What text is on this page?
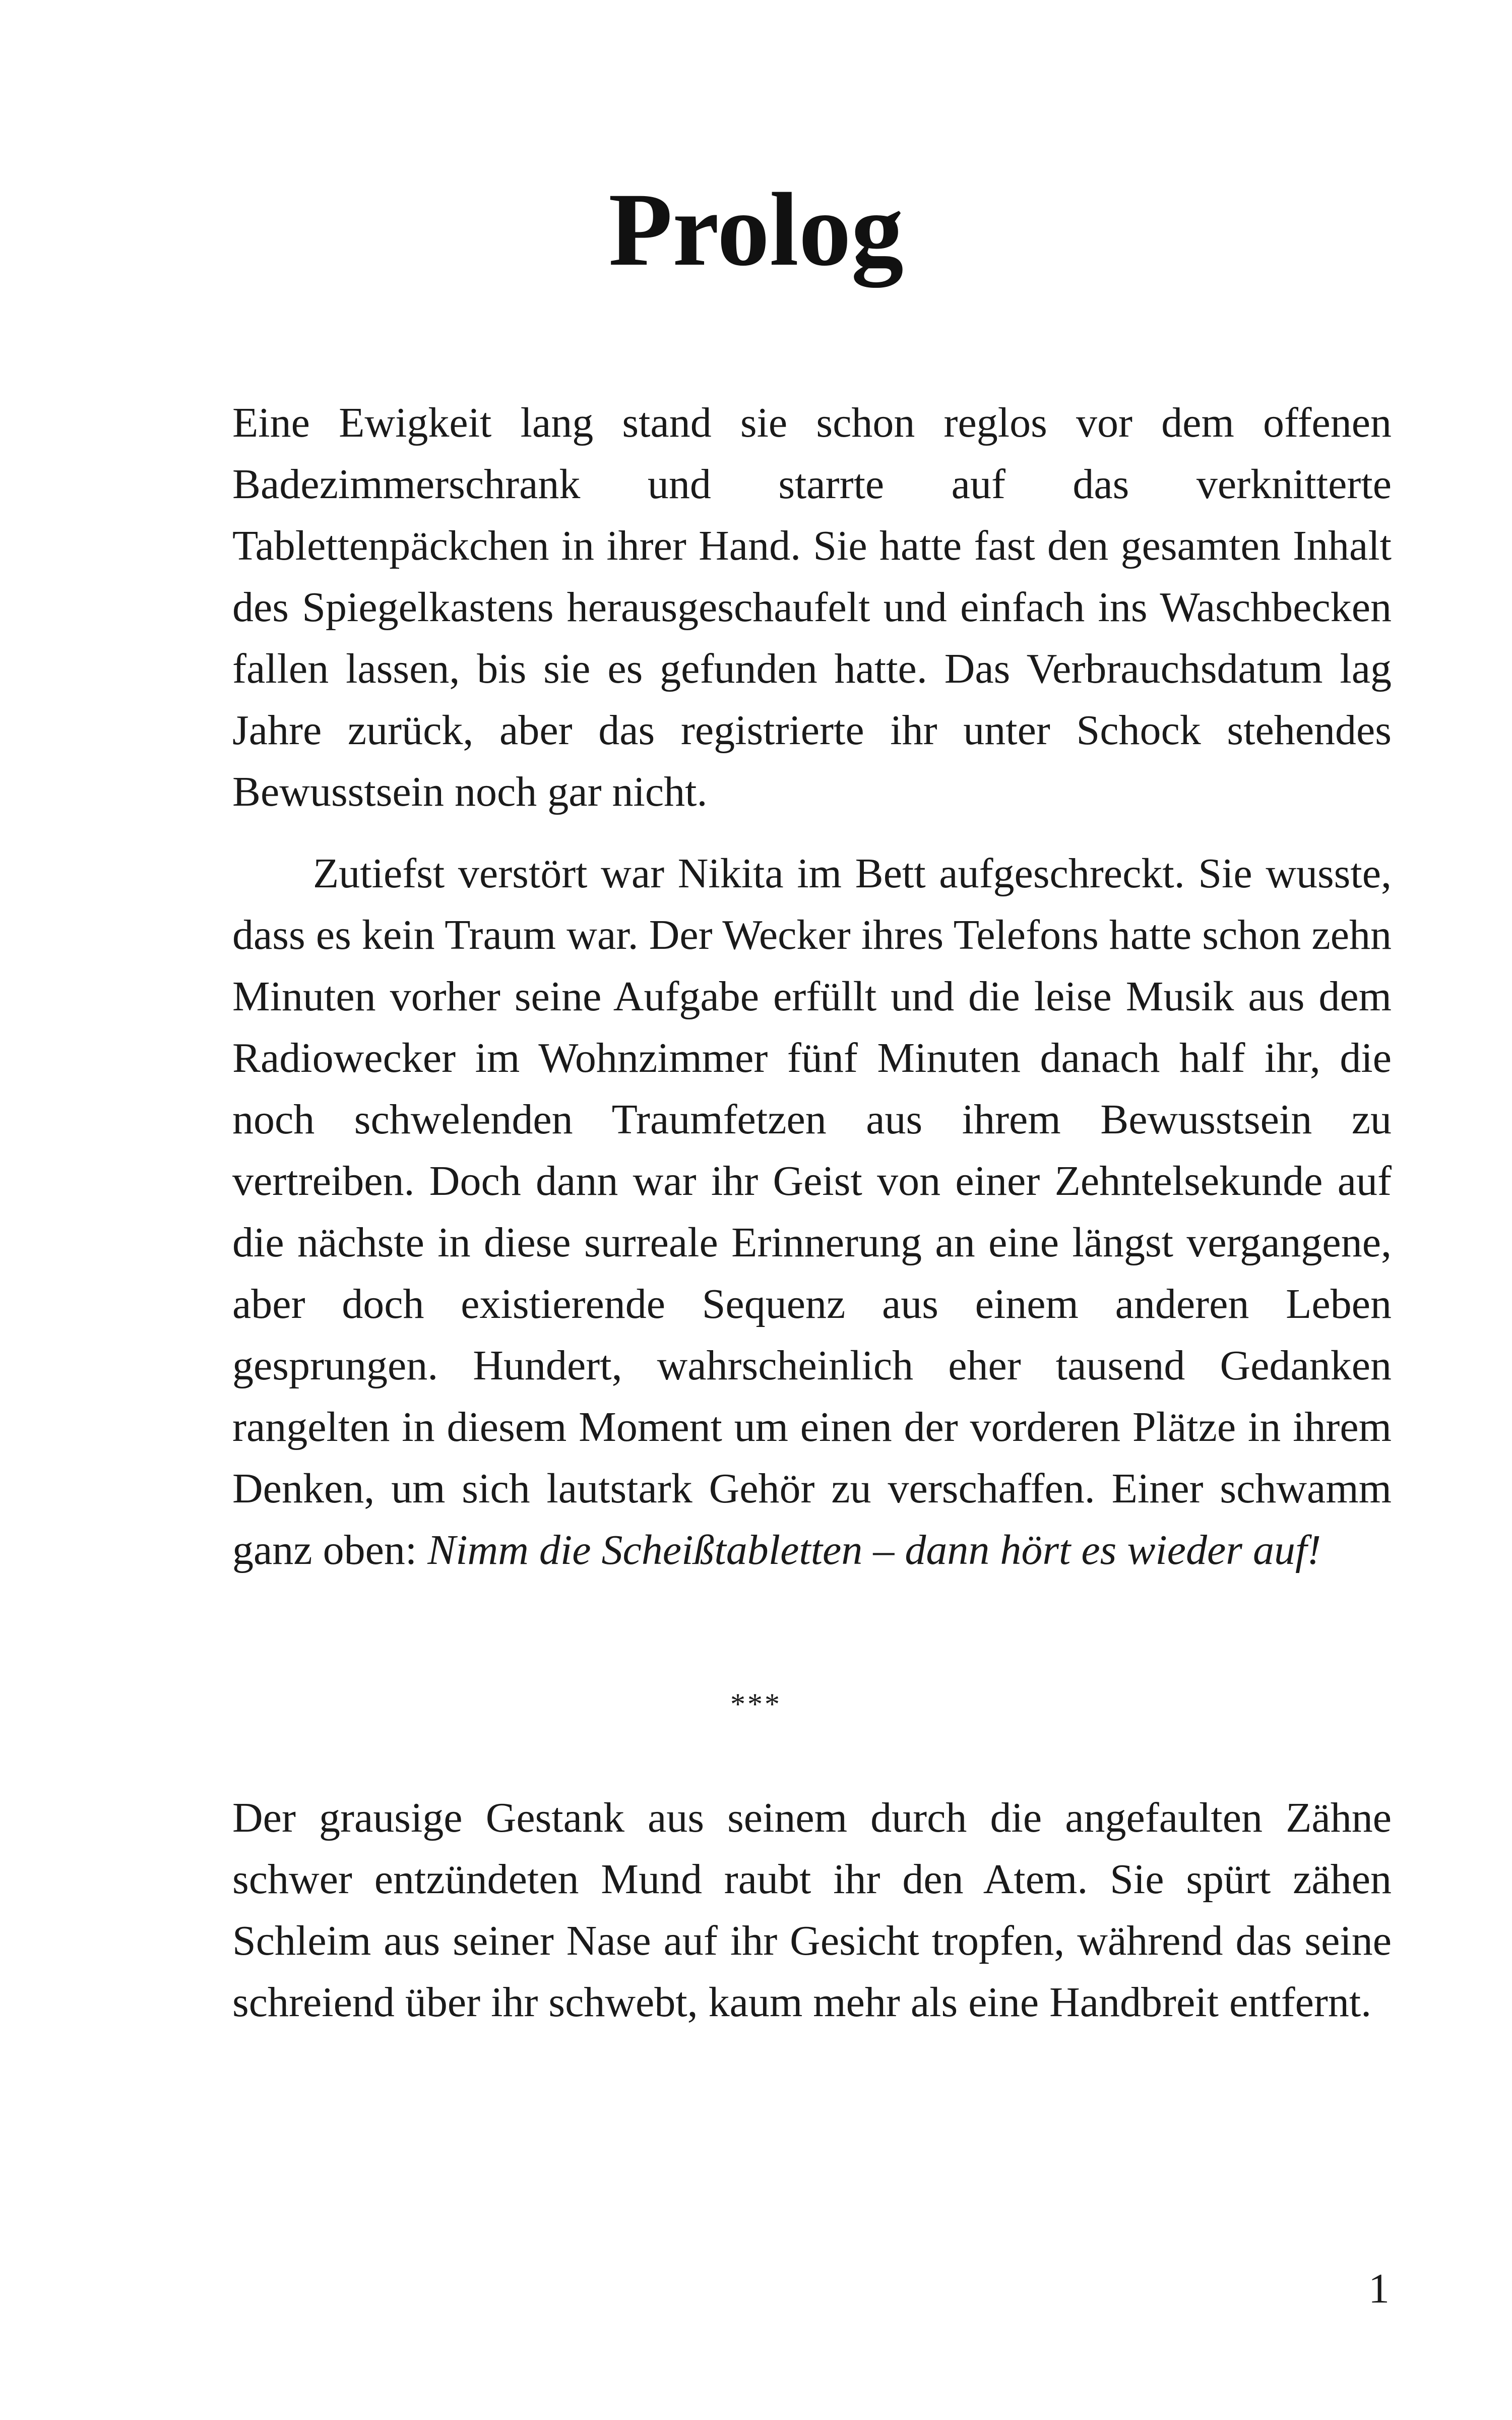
Prolog

Eine Ewigkeit lang stand sie schon reglos vor dem offenen Badezimmerschrank und starrte auf das verknitterte Tablettenpäckchen in ihrer Hand. Sie hatte fast den gesamten Inhalt des Spiegelkastens herausgeschaufelt und einfach ins Waschbecken fallen lassen, bis sie es gefunden hatte. Das Verbrauchsdatum lag Jahre zurück, aber das registrierte ihr unter Schock stehendes Bewusstsein noch gar nicht.

Zutiefst verstört war Nikita im Bett aufgeschreckt. Sie wusste, dass es kein Traum war. Der Wecker ihres Telefons hatte schon zehn Minuten vorher seine Aufgabe erfüllt und die leise Musik aus dem Radiowecker im Wohnzimmer fünf Minuten danach half ihr, die noch schwelenden Traumfetzen aus ihrem Bewusstsein zu vertreiben. Doch dann war ihr Geist von einer Zehntelsekunde auf die nächste in diese surreale Erinnerung an eine längst vergangene, aber doch existierende Sequenz aus einem anderen Leben gesprungen. Hundert, wahrscheinlich eher tausend Gedanken rangelten in diesem Moment um einen der vorderen Plätze in ihrem Denken, um sich lautstark Gehör zu verschaffen. Einer schwamm ganz oben: Nimm die Scheißtabletten – dann hört es wieder auf!

***

Der grausige Gestank aus seinem durch die angefaulten Zähne schwer entzündeten Mund raubt ihr den Atem. Sie spürt zähen Schleim aus seiner Nase auf ihr Gesicht tropfen, während das seine schreiend über ihr schwebt, kaum mehr als eine Handbreit entfernt.

1
